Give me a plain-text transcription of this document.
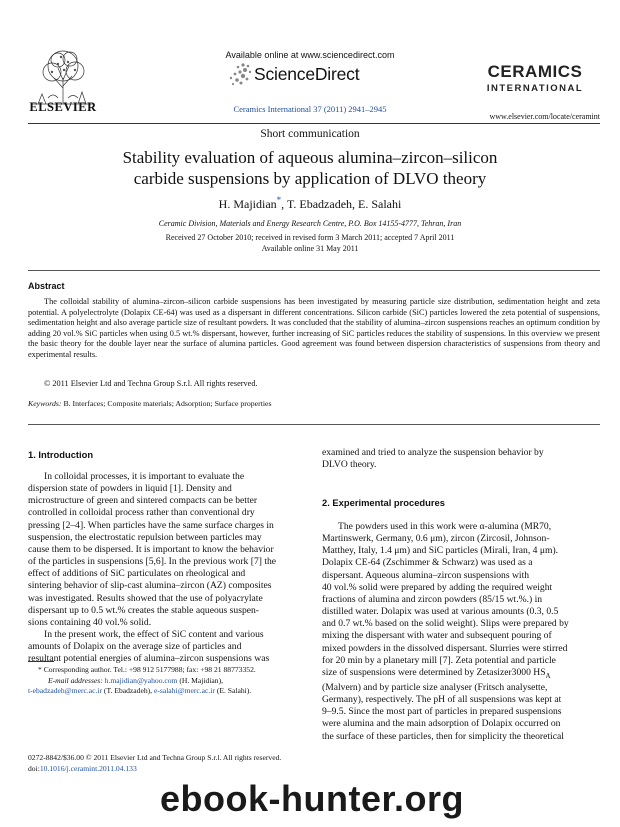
ELSEVIER
Available online at www.sciencedirect.com
ScienceDirect
Ceramics International 37 (2011) 2941–2945
CERAMICS
INTERNATIONAL
www.elsevier.com/locate/ceramint
Short communication
Stability evaluation of aqueous alumina–zircon–silicon
carbide suspensions by application of DLVO theory
H. Majidian*, T. Ebadzadeh, E. Salahi
Ceramic Division, Materials and Energy Research Centre, P.O. Box 14155-4777, Tehran, Iran
Received 27 October 2010; received in revised form 3 March 2011; accepted 7 April 2011
Available online 31 May 2011
Abstract
The colloidal stability of alumina–zircon–silicon carbide suspensions has been investigated by measuring particle size distribution, sedimentation height and zeta potential. A polyelectrolyte (Dolapix CE-64) was used as a dispersant in different concentrations. Silicon carbide (SiC) particles lowered the zeta potential of suspensions, sedimentation height and also average particle size of resultant powders. It was concluded that the stability of alumina–zircon suspensions reaches an optimum condition by adding 20 vol.% SiC particles when using 0.5 wt.% dispersant, however, further increasing of SiC particles reduces the stability of suspensions. In this overview we present the basic theory for the double layer near the surface of alumina particles. Good agreement was found between dispersion characteristics of suspensions from theory and experimental results.
© 2011 Elsevier Ltd and Techna Group S.r.l. All rights reserved.
Keywords: B. Interfaces; Composite materials; Adsorption; Surface properties
1. Introduction
In colloidal processes, it is important to evaluate the
dispersion state of powders in liquid [1]. Density and
microstructure of green and sintered compacts can be better
controlled in colloidal process rather than conventional dry
pressing [2–4]. When particles have the same surface charges in
suspension, the electrostatic repulsion between particles may
cause them to be dispersed. It is important to know the behavior
of the particles in suspensions [5,6]. In the previous work [7] the
effect of additions of SiC particulates on rheological and
sintering behavior of slip-cast alumina–zircon (AZ) composites
was investigated. Results showed that the use of polyacrylate
dispersant up to 0.5 wt.% creates the stable aqueous suspen-
sions containing 40 vol.% solid.
In the present work, the effect of SiC content and various
amounts of Dolapix on the average size of particles and
resultant potential energies of alumina–zircon suspensions was
* Corresponding author. Tel.: +98 912 5177988; fax: +98 21 88773352.
E-mail addresses: h.majidian@yahoo.com (H. Majidian),
t-ebadzadeh@merc.ac.ir (T. Ebadzadeh), e-salahi@merc.ac.ir (E. Salahi).
examined and tried to analyze the suspension behavior by
DLVO theory.
2. Experimental procedures
The powders used in this work were α-alumina (MR70,
Martinswerk, Germany, 0.6 μm), zircon (Zircosil, Johnson-
Matthey, Italy, 1.4 μm) and SiC particles (Mirali, Iran, 4 μm).
Dolapix CE-64 (Zschimmer & Schwarz) was used as a
dispersant. Aqueous alumina–zircon suspensions with
40 vol.% solid were prepared by adding the required weight
fractions of alumina and zircon powders (85/15 wt.%.) in
distilled water. Dolapix was used at various amounts (0.3, 0.5
and 0.7 wt.% based on the solid weight). Slips were prepared by
mixing the dispersant with water and subsequent pouring of
mixed powders in the dissolved dispersant. Slurries were stirred
for 20 min by a planetary mill [7]. Zeta potential and particle
size of suspensions were determined by Zetasizer3000 $HS_A$
(Malvern) and by particle size analyser (Fritsch analysette,
Germany), respectively. The pH of all suspensions was kept at
9–9.5. Since the most part of particles in prepared suspensions
were alumina and the main adsorption of Dolapix occurred on
the surface of these particles, then for simplicity the theoretical
0272-8842/$36.00 © 2011 Elsevier Ltd and Techna Group S.r.l. All rights reserved.
doi:10.1016/j.ceramint.2011.04.133
ebook-hunter.org
